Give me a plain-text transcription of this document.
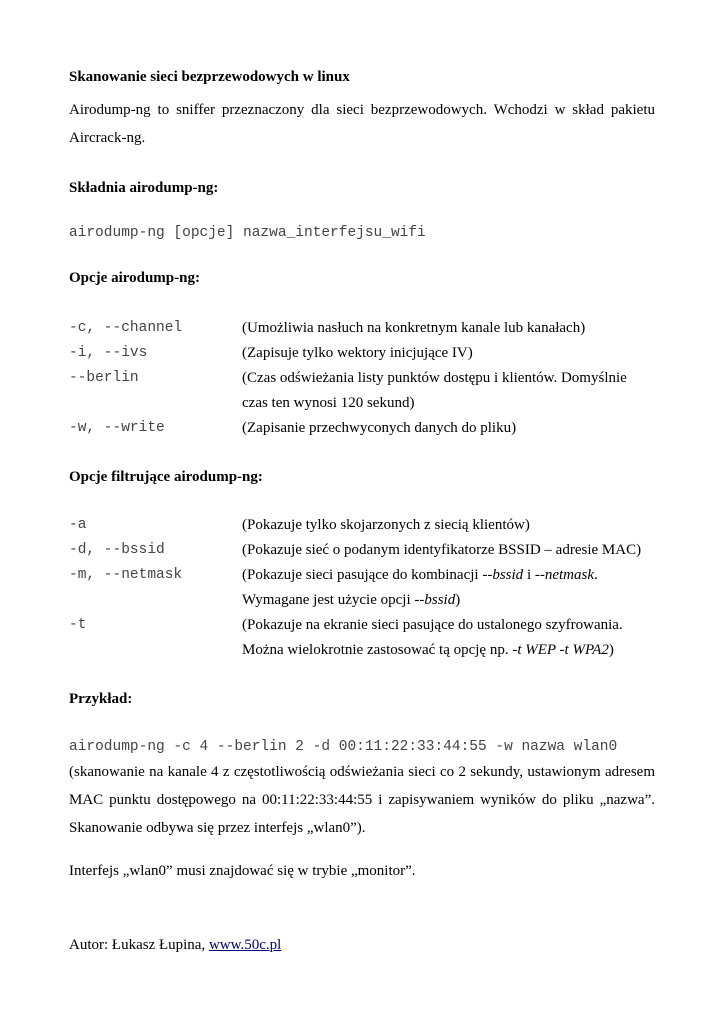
Skanowanie sieci bezprzewodowych w linux
Airodump-ng to sniffer przeznaczony dla sieci bezprzewodowych. Wchodzi w skład pakietu Aircrack-ng.
Składnia airodump-ng:
airodump-ng [opcje] nazwa_interfejsu_wifi
Opcje airodump-ng:
-c, --channel	(Umożliwia nasłuch na konkretnym kanale lub kanałach)
-i, --ivs	(Zapisuje tylko wektory inicjujące IV)
--berlin	(Czas odświeżania listy punktów dostępu i klientów. Domyślnie czas ten wynosi 120 sekund)
-w, --write	(Zapisanie przechwyconych danych do pliku)
Opcje filtrujące airodump-ng:
-a	(Pokazuje tylko skojarzonych z siecią klientów)
-d, --bssid	(Pokazuje sieć o podanym identyfikatorze BSSID – adresie MAC)
-m, --netmask	(Pokazuje sieci pasujące do kombinacji --bssid i --netmask. Wymagane jest użycie opcji --bssid)
-t	(Pokazuje na ekranie sieci pasujące do ustalonego szyfrowania. Można wielokrotnie zastosować tą opcję np. -t WEP -t WPA2)
Przykład:
airodump-ng -c 4 --berlin 2 -d 00:11:22:33:44:55 -w nazwa wlan0
(skanowanie na kanale 4 z częstotliwością odświeżania sieci co 2 sekundy, ustawionym adresem MAC punktu dostępowego na 00:11:22:33:44:55 i zapisywaniem wyników do pliku „nazwa”. Skanowanie odbywa się przez interfejs „wlan0”).
Interfejs „wlan0” musi znajdować się w trybie „monitor”.
Autor: Łukasz Łupina, www.50c.pl
